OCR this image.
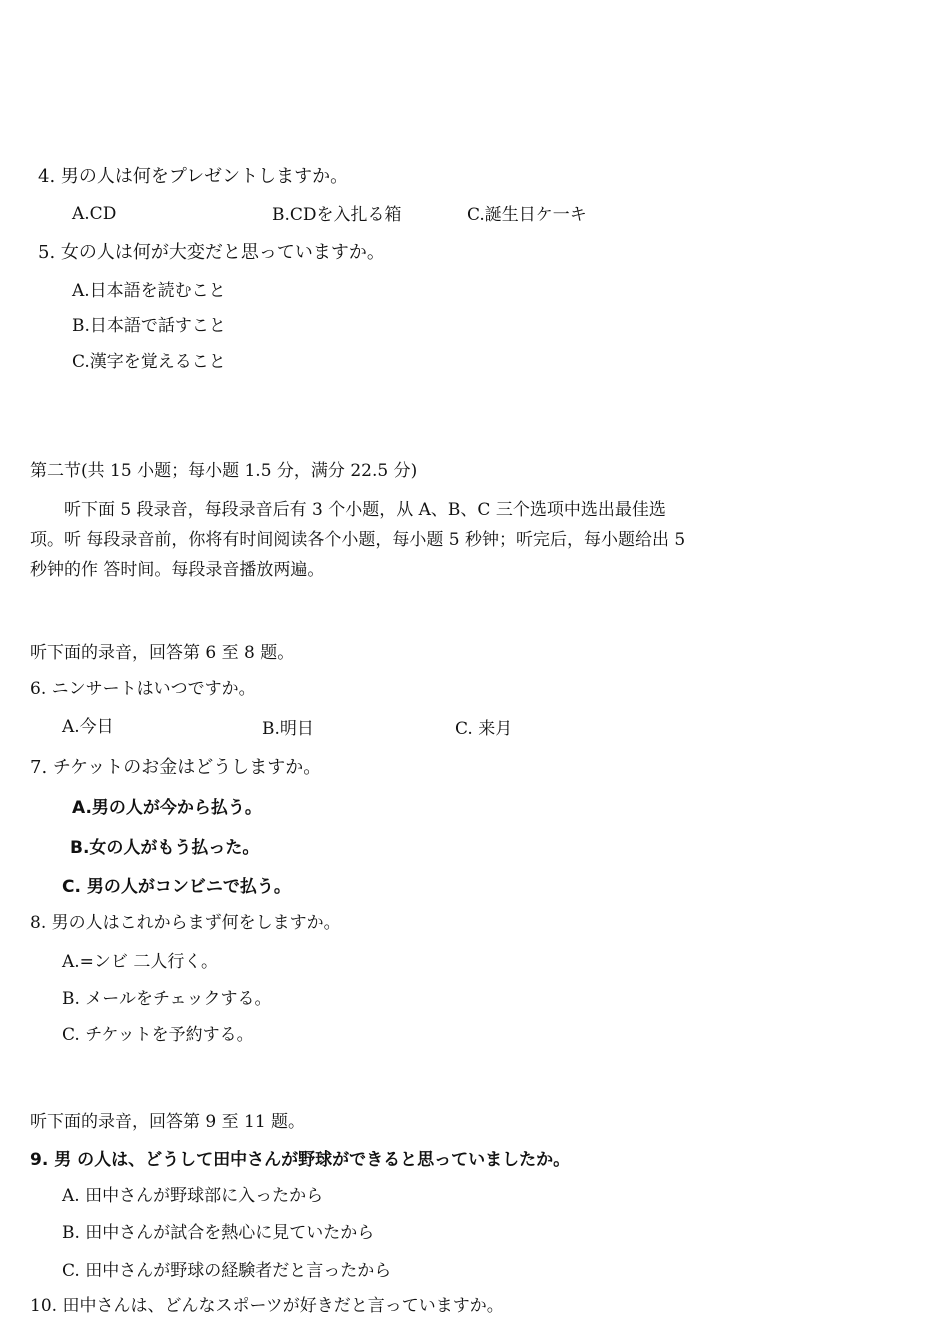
4. 男の人は何をプレゼントしますか。
A.CD	B.CDを入扎る箱	C.誕生日ケ一キ
5. 女の人は何が大変だと思っていますか。
A.日本語を読むこと
B.日本語で話すこと
C.漢字を覚えること
第二节(共 15 小题；每小题 1.5 分，满分 22.5 分)

　　听下面 5 段录音，每段录音后有 3 个小题，从 A、B、C 三个选项中选出最佳选

项。听 每段录音前，你将有时间阅读各个小题，每小题 5 秒钟；听完后，每小题给出 5

秒钟的作 答时间。每段录音播放两遍。

听下面的录音，回答第 6 至 8 题。
6. ニンサートはいつですか。
A.今日	B.明日	C. 来月
7. チケットのお金はどうしますか。
A.男の人が今から払う。
B.女の人がもう払った。
C. 男の人がコンビニで払う。
8. 男の人はこれからまず何をしますか。
A.=ンビ 二人行く。
B. メールをチェックする。
C. チケットを予約する。
听下面的录音，回答第 9 至 11 题。
9. 男 の人は、どうして田中さんが野球ができると思っていましたか。
A. 田中さんが野球部に入ったから
B. 田中さんが試合を熱心に見ていたから
C. 田中さんが野球の経験者だと言ったから
10. 田中さんは、どんなスポーツが好きだと言っていますか。
